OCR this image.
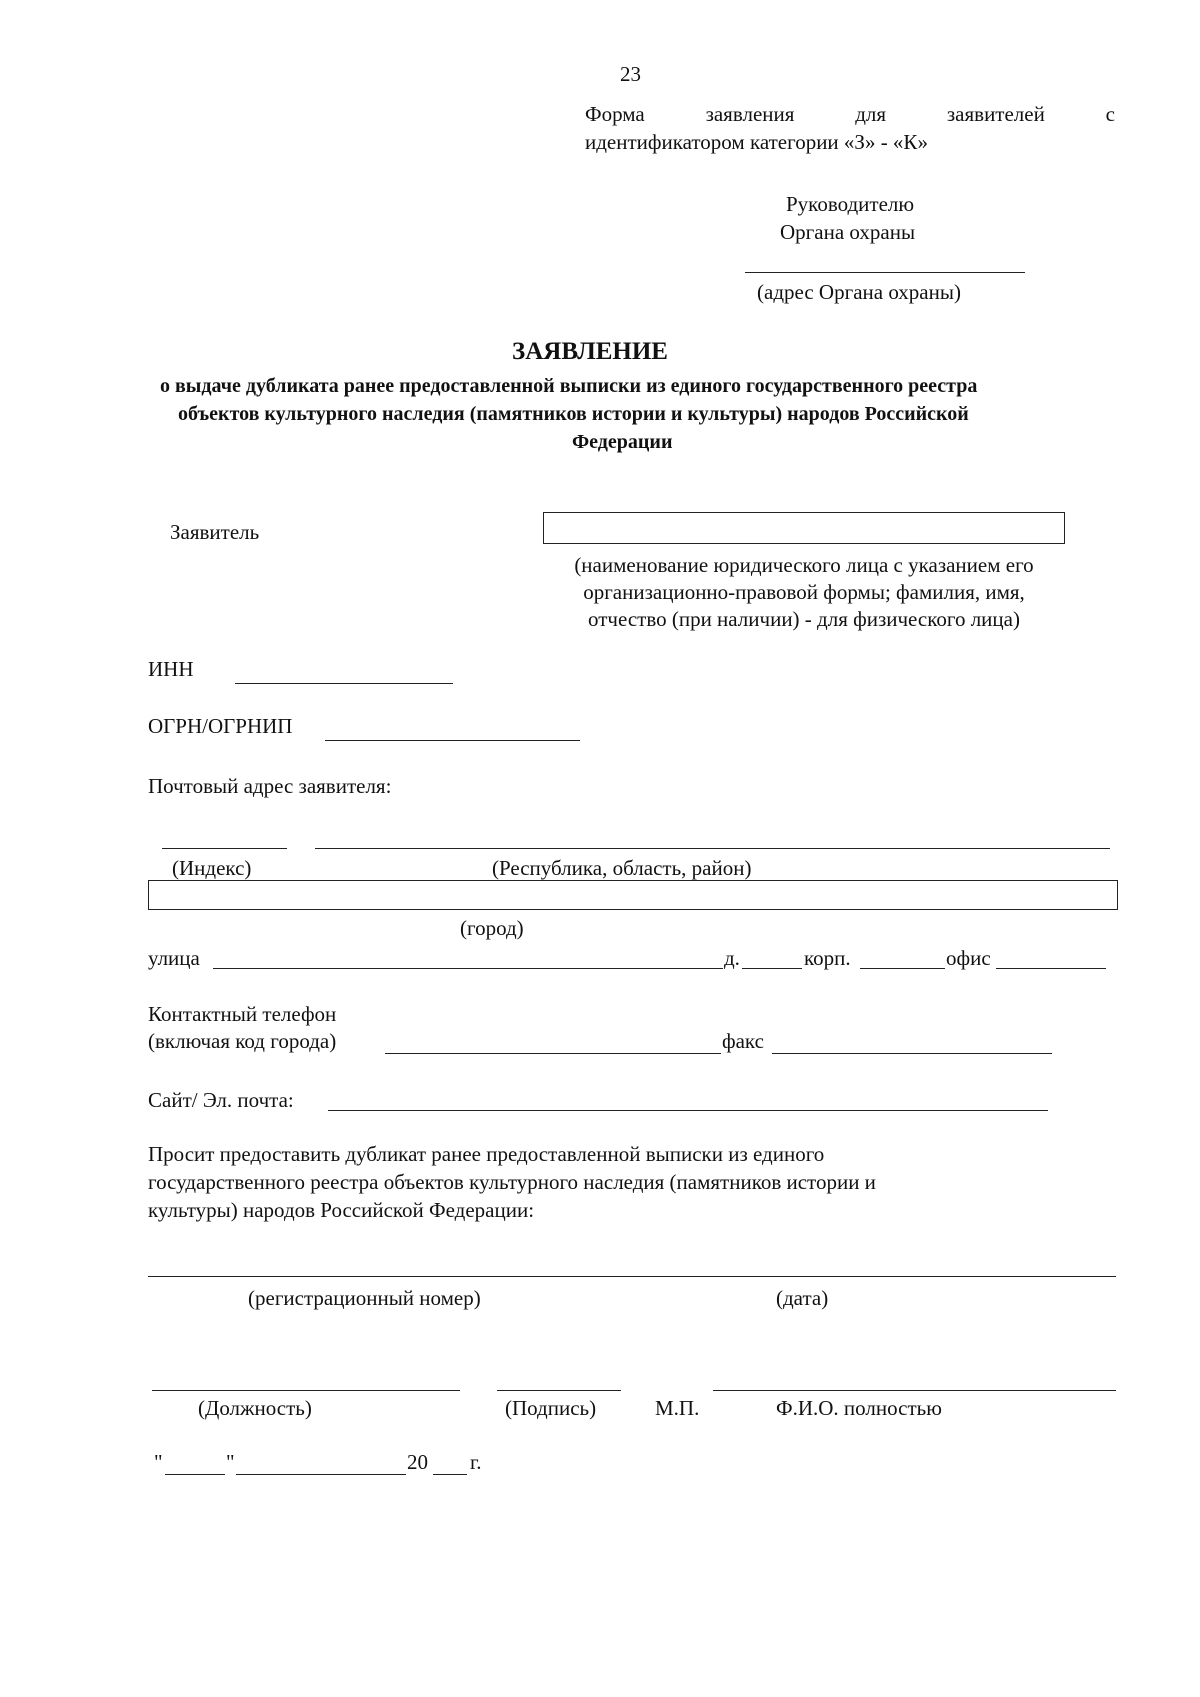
23
Форма	заявления	для	заявителей	с
идентификатором категории «З» - «К»
Руководителю
Органа охраны
(адрес Органа охраны)
ЗАЯВЛЕНИЕ
о выдаче дубликата ранее предоставленной выписки из единого государственного реестра
объектов культурного наследия (памятников истории и культуры) народов Российской
Федерации
Заявитель
(наименование юридического лица с указанием его
организационно-правовой формы; фамилия, имя,
отчество (при наличии) - для физического лица)
ИНН
ОГРН/ОГРНИП
Почтовый адрес заявителя:
(Индекс)	(Республика, область, район)
(город)
улица	д.	корп.	офис
Контактный телефон
(включая код города)	факс
Сайт/ Эл. почта:
Просит предоставить дубликат ранее предоставленной выписки из единого
государственного реестра объектов культурного наследия (памятников истории и
культуры) народов Российской Федерации:
(регистрационный номер)	(дата)
(Должность)	(Подпись)	М.П.	Ф.И.О. полностью
"	"	20 г.
